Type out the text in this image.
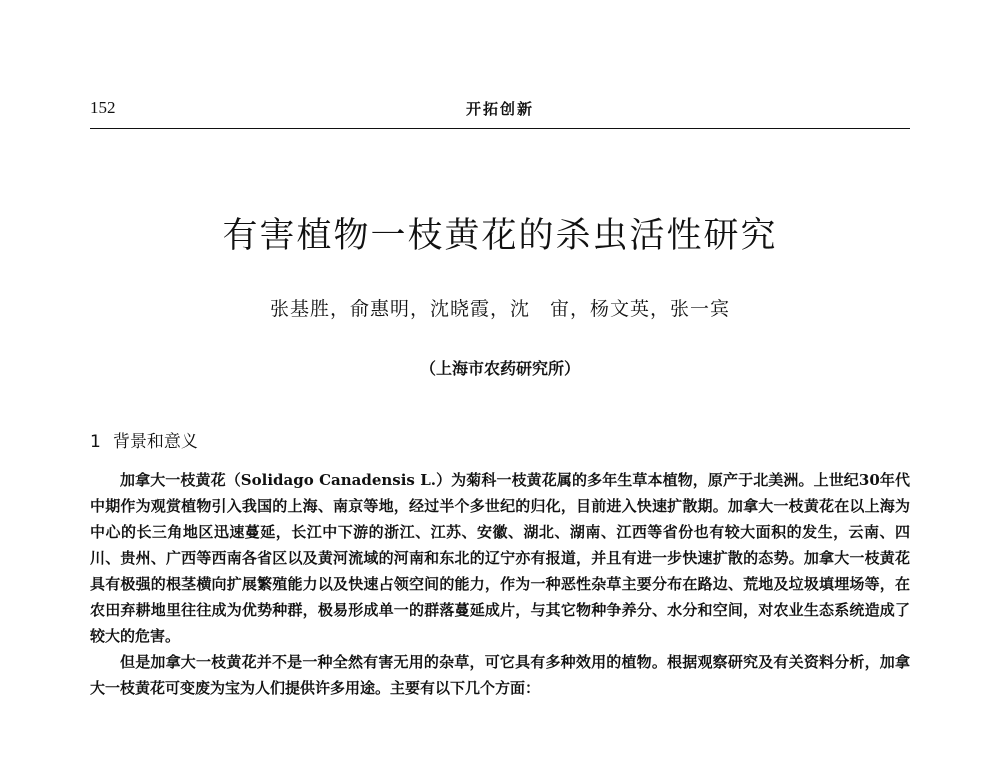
152	开拓创新
有害植物一枝黄花的杀虫活性研究
张基胜，俞惠明，沈晓霞，沈　宙，杨文英，张一宾
（上海市农药研究所）
1 背景和意义

加拿大一枝黄花（Solidago Canadensis L.）为菊科一枝黄花属的多年生草本植物，原产于北美洲。上世纪30年代中期作为观赏植物引入我国的上海、南京等地，经过半个多世纪的归化，目前进入快速扩散期。加拿大一枝黄花在以上海为中心的长三角地区迅速蔓延，长江中下游的浙江、江苏、安徽、湖北、湖南、江西等省份也有较大面积的发生，云南、四川、贵州、广西等西南各省区以及黄河流域的河南和东北的辽宁亦有报道，并且有进一步快速扩散的态势。加拿大一枝黄花具有极强的根茎横向扩展繁殖能力以及快速占领空间的能力，作为一种恶性杂草主要分布在路边、荒地及垃圾填埋场等，在农田弃耕地里往往成为优势种群，极易形成单一的群落蔓延成片，与其它物种争养分、水分和空间，对农业生态系统造成了较大的危害。

但是加拿大一枝黄花并不是一种全然有害无用的杂草，可它具有多种效用的植物。根据观察研究及有关资料分析，加拿大一枝黄花可变废为宝为人们提供许多用途。主要有以下几个方面：
